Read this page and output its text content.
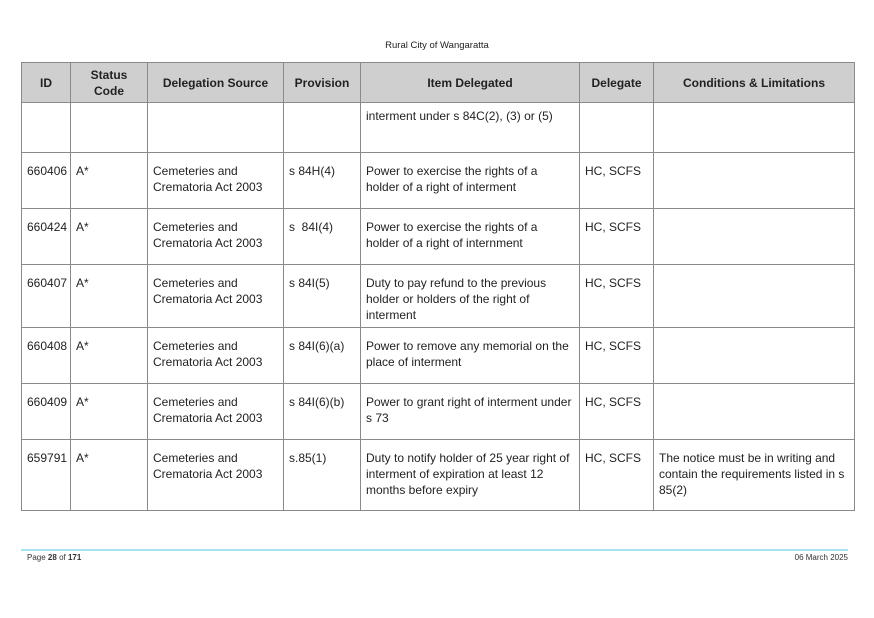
Rural City of Wangaratta
ID	Status Code	Delegation Source	Provision	Item Delegated	Delegate	Conditions & Limitations
				interment under s 84C(2), (3) or (5)		
660406	A*	Cemeteries and Crematoria Act 2003	s 84H(4)	Power to exercise the rights of a holder of a right of interment	HC, SCFS	
660424	A*	Cemeteries and Crematoria Act 2003	s  84I(4)	Power to exercise the rights of a holder of a right of internment	HC, SCFS	
660407	A*	Cemeteries and Crematoria Act 2003	s 84I(5)	Duty to pay refund to the previous holder or holders of the right of interment	HC, SCFS	
660408	A*	Cemeteries and Crematoria Act 2003	s 84I(6)(a)	Power to remove any memorial on the place of interment	HC, SCFS	
660409	A*	Cemeteries and Crematoria Act 2003	s 84I(6)(b)	Power to grant right of interment under s 73	HC, SCFS	
659791	A*	Cemeteries and Crematoria Act 2003	s.85(1)	Duty to notify holder of 25 year right of interment of expiration at least 12 months before expiry	HC, SCFS	The notice must be in writing and contain the requirements listed in s 85(2)
Page 28 of 171	06 March 2025
